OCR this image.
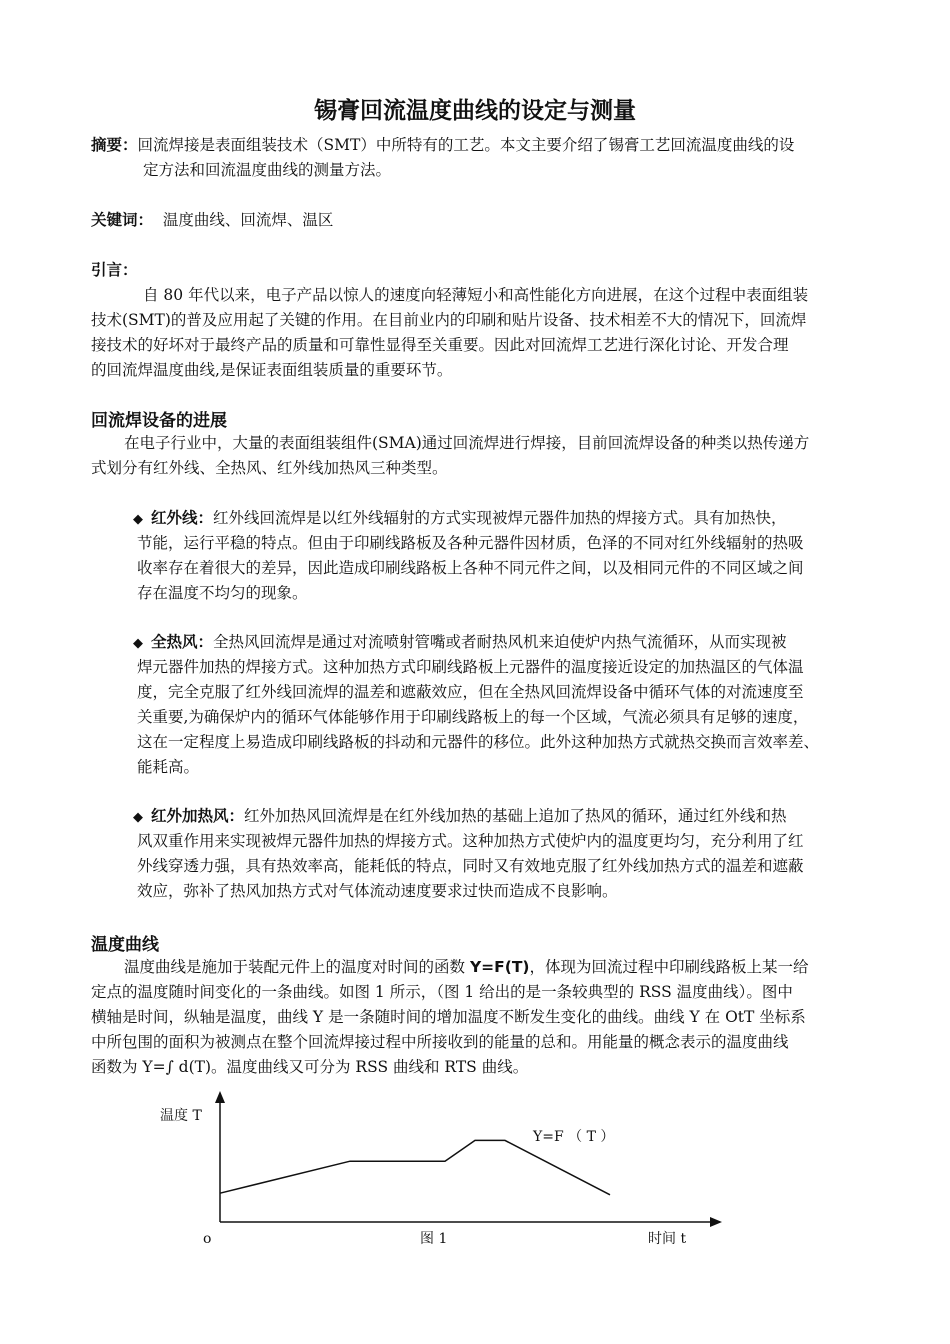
锡膏回流温度曲线的设定与测量
摘要：回流焊接是表面组装技术（SMT）中所特有的工艺。本文主要介绍了锡膏工艺回流温度曲线的设
定方法和回流温度曲线的测量方法。
关键词： 温度曲线、回流焊、温区
引言：
自 80 年代以来，电子产品以惊人的速度向轻薄短小和高性能化方向进展，在这个过程中表面组装
技术(SMT)的普及应用起了关键的作用。在目前业内的印刷和贴片设备、技术相差不大的情况下，回流焊
接技术的好坏对于最终产品的质量和可靠性显得至关重要。因此对回流焊工艺进行深化讨论、开发合理
的回流焊温度曲线,是保证表面组装质量的重要环节。
回流焊设备的进展
在电子行业中，大量的表面组装组件(SMA)通过回流焊进行焊接，目前回流焊设备的种类以热传递方
式划分有红外线、全热风、红外线加热风三种类型。
◆ 红外线：红外线回流焊是以红外线辐射的方式实现被焊元器件加热的焊接方式。具有加热快，
节能，运行平稳的特点。但由于印刷线路板及各种元器件因材质，色泽的不同对红外线辐射的热吸
收率存在着很大的差异，因此造成印刷线路板上各种不同元件之间，以及相同元件的不同区域之间
存在温度不均匀的现象。
◆ 全热风：全热风回流焊是通过对流喷射管嘴或者耐热风机来迫使炉内热气流循环，从而实现被
焊元器件加热的焊接方式。这种加热方式印刷线路板上元器件的温度接近设定的加热温区的气体温
度，完全克服了红外线回流焊的温差和遮蔽效应，但在全热风回流焊设备中循环气体的对流速度至
关重要,为确保炉内的循环气体能够作用于印刷线路板上的每一个区域，气流必须具有足够的速度，
这在一定程度上易造成印刷线路板的抖动和元器件的移位。此外这种加热方式就热交换而言效率差、
能耗高。
◆ 红外加热风：红外加热风回流焊是在红外线加热的基础上追加了热风的循环，通过红外线和热
风双重作用来实现被焊元器件加热的焊接方式。这种加热方式使炉内的温度更均匀，充分利用了红
外线穿透力强，具有热效率高，能耗低的特点，同时又有效地克服了红外线加热方式的温差和遮蔽
效应，弥补了热风加热方式对气体流动速度要求过快而造成不良影响。
温度曲线
温度曲线是施加于装配元件上的温度对时间的函数 Y=F(T)，体现为回流过程中印刷线路板上某一给
定点的温度随时间变化的一条曲线。如图 1 所示，（图 1 给出的是一条较典型的 RSS 温度曲线）。图中
横轴是时间，纵轴是温度，曲线 Y 是一条随时间的增加温度不断发生变化的曲线。曲线 Y 在 OtT 坐标系
中所包围的面积为被测点在整个回流焊接过程中所接收到的能量的总和。用能量的概念表示的温度曲线
函数为 Y=∫ d(T)。温度曲线又可分为 RSS 曲线和 RTS 曲线。
温度 T
Y=F （ T ）
o	图 1	时间 t
